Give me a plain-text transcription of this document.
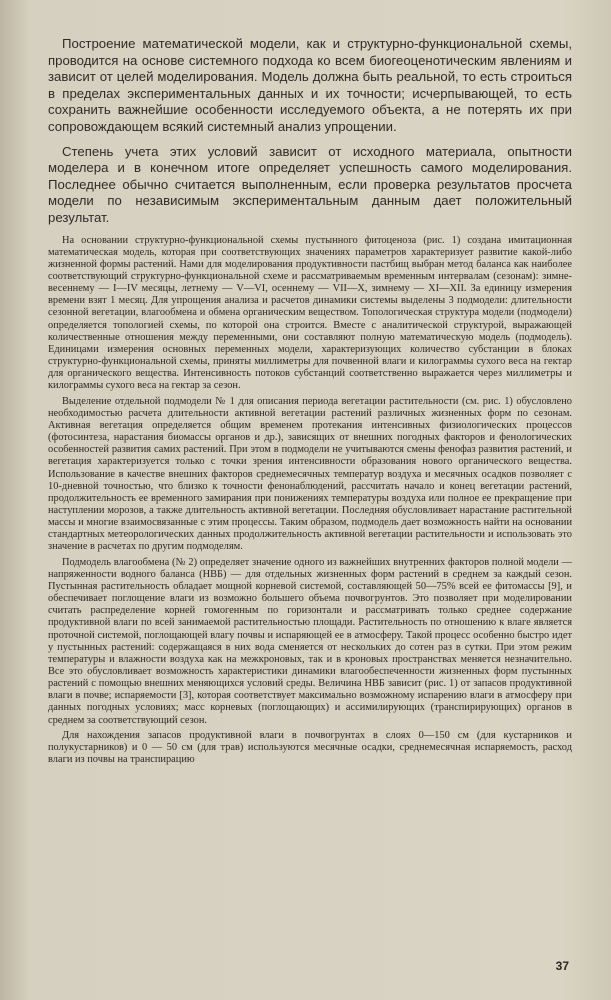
Построение математической модели, как и структурно-функциональной схемы, проводится на основе системного подхода ко всем биогеоценотическим явлениям и зависит от целей моделирования. Модель должна быть реальной, то есть строиться в пределах экспериментальных данных и их точности; исчерпывающей, то есть сохранить важнейшие особенности исследуемого объекта, а не потерять их при сопровождающем всякий системный анализ упрощении.

Степень учета этих условий зависит от исходного материала, опытности моделера и в конечном итоге определяет успешность самого моделирования. Последнее обычно считается выполненным, если проверка результатов просчета модели по независимым экспериментальным данным дает положительный результат.

На основании структурно-функциональной схемы пустынного фитоценоза (рис. 1) создана имитационная математическая модель, которая при соответствующих значениях параметров характеризует развитие какой-либо жизненной формы растений. Нами для моделирования продуктивности пастбищ выбран метод баланса как наиболее соответствующий структурно-функциональной схеме и рассматриваемым временным интервалам (сезонам): зимне-весеннему — I—IV месяцы, летнему — V—VI, осеннему — VII—X, зимнему — XI—XII. За единицу измерения времени взят 1 месяц. Для упрощения анализа и расчетов динамики системы выделены 3 подмодели: длительности сезонной вегетации, влагообмена и обмена органическим веществом. Топологическая структура модели (подмодели) определяется топологией схемы, по которой она строится. Вместе с аналитической структурой, выражающей количественные отношения между переменными, они составляют полную математическую модель (подмодель). Единицами измерения основных переменных модели, характеризующих количество субстанции в блоках структурно-функциональной схемы, приняты миллиметры для почвенной влаги и килограммы сухого веса на гектар для органического вещества. Интенсивность потоков субстанций соответственно выражается через миллиметры и килограммы сухого веса на гектар за сезон.

Выделение отдельной подмодели № 1 для описания периода вегетации растительности (см. рис. 1) обусловлено необходимостью расчета длительности активной вегетации растений различных жизненных форм по сезонам. Активная вегетация определяется общим временем протекания интенсивных физиологических процессов (фотосинтеза, нарастания биомассы органов и др.), зависящих от внешних погодных факторов и фенологических особенностей развития самих растений. При этом в подмодели не учитываются смены фенофаз развития растений, и вегетация характеризуется только с точки зрения интенсивности образования нового органического вещества. Использование в качестве внешних факторов среднемесячных температур воздуха и месячных осадков позволяет с 10-дневной точностью, что близко к точности фенонаблюдений, рассчитать начало и конец вегетации растений, продолжительность ее временного замирания при понижениях температуры воздуха или полное ее прекращение при наступлении морозов, а также длительность активной вегетации. Последняя обусловливает нарастание растительной массы и многие взаимосвязанные с этим процессы. Таким образом, подмодель дает возможность найти на основании стандартных метеорологических данных продолжительность активной вегетации растительности и использовать это значение в расчетах по другим подмоделям.

Подмодель влагообмена (№ 2) определяет значение одного из важнейших внутренних факторов полной модели — напряженности водного баланса (НВБ) — для отдельных жизненных форм растений в среднем за каждый сезон. Пустынная растительность обладает мощной корневой системой, составляющей 50—75% всей ее фитомассы [9], и обеспечивает поглощение влаги из возможно большего объема почвогрунтов. Это позволяет при моделировании считать распределение корней гомогенным по горизонтали и рассматривать только среднее содержание продуктивной влаги по всей занимаемой растительностью площади. Растительность по отношению к влаге является проточной системой, поглощающей влагу почвы и испаряющей ее в атмосферу. Такой процесс особенно быстро идет у пустынных растений: содержащаяся в них вода сменяется от нескольких до сотен раз в сутки. При этом режим температуры и влажности воздуха как на межкроновых, так и в кроновых пространствах меняется незначительно. Все это обусловливает возможность характеристики динамики влагообеспеченности жизненных форм пустынных растений с помощью внешних меняющихся условий среды. Величина НВБ зависит (рис. 1) от запасов продуктивной влаги в почве; испаряемости [3], которая соответствует максимально возможному испарению влаги в атмосферу при данных погодных условиях; масс корневых (поглощающих) и ассимилирующих (транспирирующих) органов в среднем за соответствующий сезон.

Для нахождения запасов продуктивной влаги в почвогрунтах в слоях 0—150 см (для кустарников и полукустарников) и 0 — 50 см (для трав) используются месячные осадки, среднемесячная испаряемость, расход влаги из почвы на транспирацию

37
